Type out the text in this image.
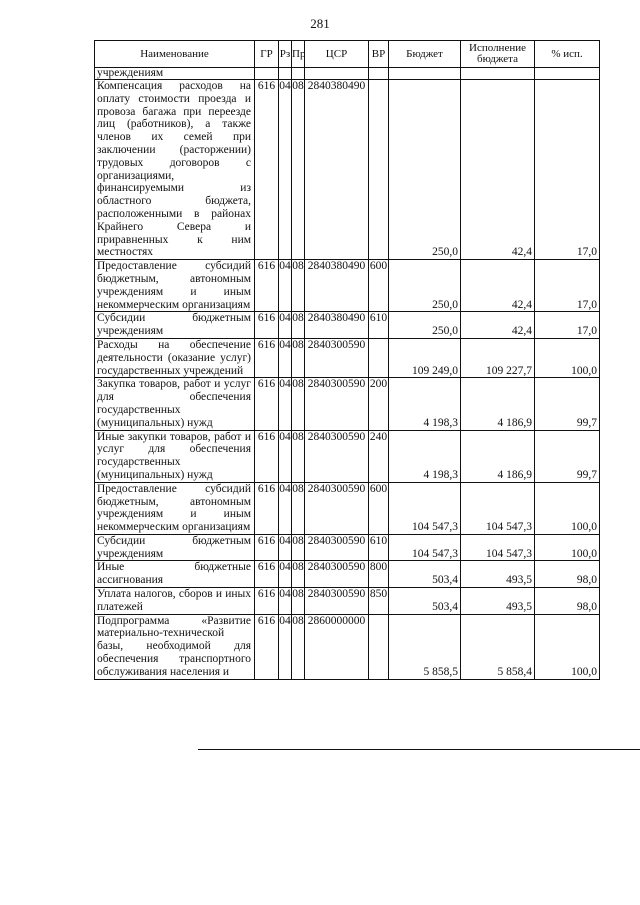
281
Наименование	ГР	Рз	Пр	ЦСР	ВР	Бюджет	Исполнение бюджета	% исп.
учреждениям								
Компенсация расходов на оплату стоимости проезда и провоза багажа при переезде лиц (работников), а также членов их семей при заключении (расторжении) трудовых договоров с организациями, финансируемыми из областного бюджета, расположенными в районах Крайнего Севера и приравненных к ним местностях	616	04	08	2840380490		250,0	42,4	17,0
Предоставление субсидий бюджетным, автономным учреждениям и иным некоммерческим организациям	616	04	08	2840380490	600	250,0	42,4	17,0
Субсидии бюджетным учреждениям	616	04	08	2840380490	610	250,0	42,4	17,0
Расходы на обеспечение деятельности (оказание услуг) государственных учреждений	616	04	08	2840300590		109 249,0	109 227,7	100,0
Закупка товаров, работ и услуг для обеспечения государственных (муниципальных) нужд	616	04	08	2840300590	200	4 198,3	4 186,9	99,7
Иные закупки товаров, работ и услуг для обеспечения государственных (муниципальных) нужд	616	04	08	2840300590	240	4 198,3	4 186,9	99,7
Предоставление субсидий бюджетным, автономным учреждениям и иным некоммерческим организациям	616	04	08	2840300590	600	104 547,3	104 547,3	100,0
Субсидии бюджетным учреждениям	616	04	08	2840300590	610	104 547,3	104 547,3	100,0
Иные бюджетные ассигнования	616	04	08	2840300590	800	503,4	493,5	98,0
Уплата налогов, сборов и иных платежей	616	04	08	2840300590	850	503,4	493,5	98,0
Подпрограмма «Развитие материально-технической базы, необходимой для обеспечения транспортного обслуживания населения и	616	04	08	2860000000		5 858,5	5 858,4	100,0
